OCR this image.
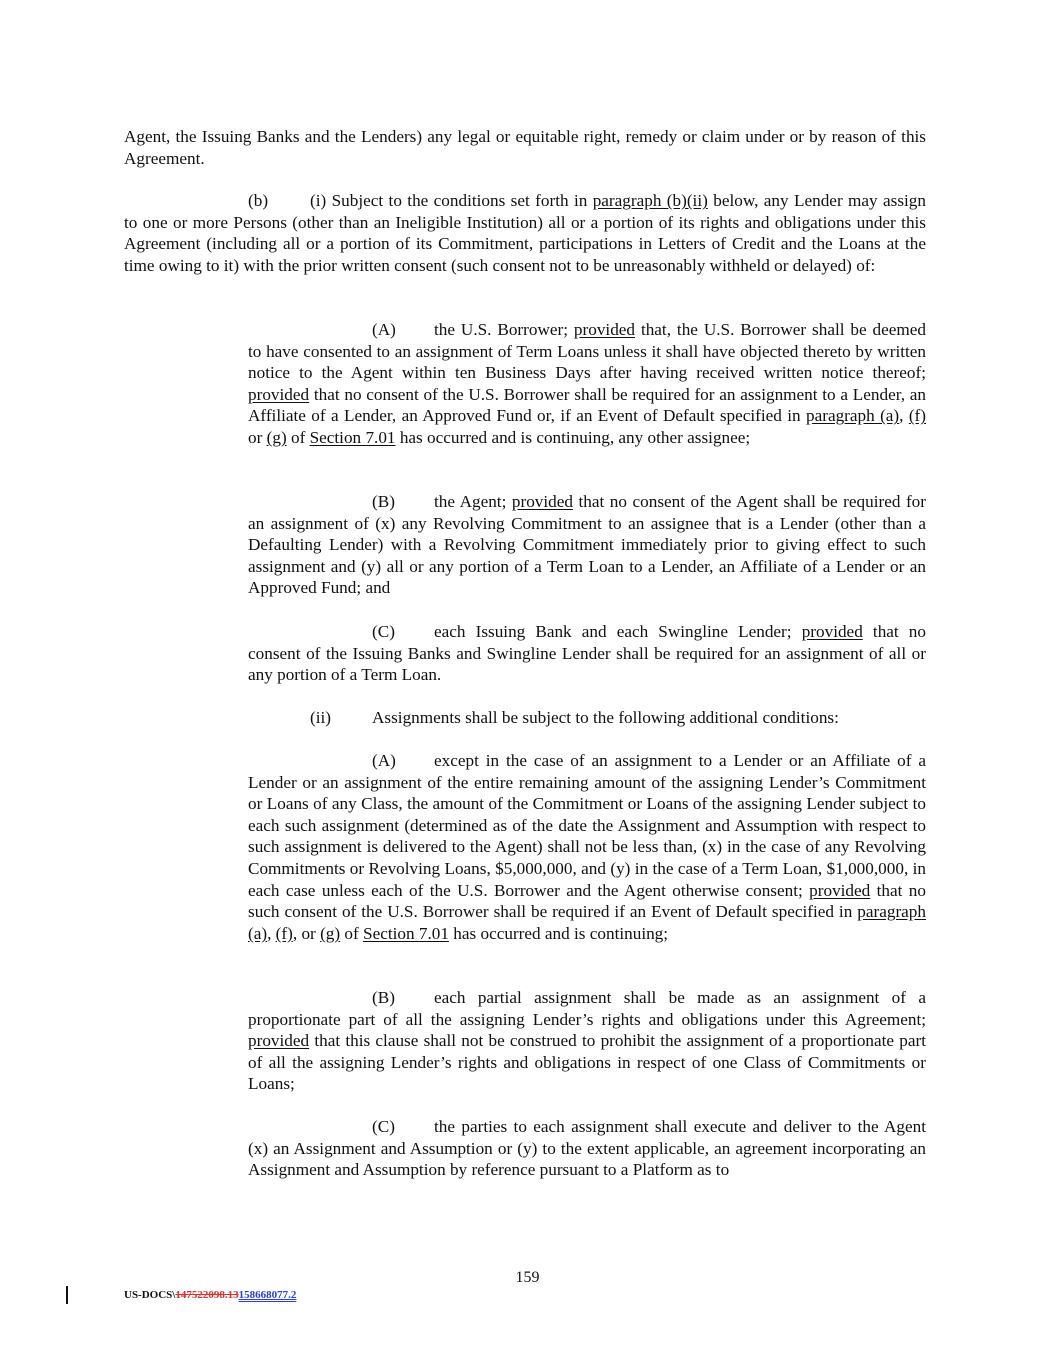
Agent, the Issuing Banks and the Lenders) any legal or equitable right, remedy or claim under or by reason of this Agreement.

(b) (i) Subject to the conditions set forth in paragraph (b)(ii) below, any Lender may assign to one or more Persons (other than an Ineligible Institution) all or a portion of its rights and obligations under this Agreement (including all or a portion of its Commitment, participations in Letters of Credit and the Loans at the time owing to it) with the prior written consent (such consent not to be unreasonably withheld or delayed) of:

(A) the U.S. Borrower; provided that, the U.S. Borrower shall be deemed to have consented to an assignment of Term Loans unless it shall have objected thereto by written notice to the Agent within ten Business Days after having received written notice thereof; provided that no consent of the U.S. Borrower shall be required for an assignment to a Lender, an Affiliate of a Lender, an Approved Fund or, if an Event of Default specified in paragraph (a), (f) or (g) of Section 7.01 has occurred and is continuing, any other assignee;

(B) the Agent; provided that no consent of the Agent shall be required for an assignment of (x) any Revolving Commitment to an assignee that is a Lender (other than a Defaulting Lender) with a Revolving Commitment immediately prior to giving effect to such assignment and (y) all or any portion of a Term Loan to a Lender, an Affiliate of a Lender or an Approved Fund; and

(C) each Issuing Bank and each Swingline Lender; provided that no consent of the Issuing Banks and Swingline Lender shall be required for an assignment of all or any portion of a Term Loan.

(ii) Assignments shall be subject to the following additional conditions:

(A) except in the case of an assignment to a Lender or an Affiliate of a Lender or an assignment of the entire remaining amount of the assigning Lender’s Commitment or Loans of any Class, the amount of the Commitment or Loans of the assigning Lender subject to each such assignment (determined as of the date the Assignment and Assumption with respect to such assignment is delivered to the Agent) shall not be less than, (x) in the case of any Revolving Commitments or Revolving Loans, $5,000,000, and (y) in the case of a Term Loan, $1,000,000, in each case unless each of the U.S. Borrower and the Agent otherwise consent; provided that no such consent of the U.S. Borrower shall be required if an Event of Default specified in paragraph (a), (f), or (g) of Section 7.01 has occurred and is continuing;

(B) each partial assignment shall be made as an assignment of a proportionate part of all the assigning Lender’s rights and obligations under this Agreement; provided that this clause shall not be construed to prohibit the assignment of a proportionate part of all the assigning Lender’s rights and obligations in respect of one Class of Commitments or Loans;

(C) the parties to each assignment shall execute and deliver to the Agent (x) an Assignment and Assumption or (y) to the extent applicable, an agreement incorporating an Assignment and Assumption by reference pursuant to a Platform as to

159
US-DOCS\147522098.13158668077.2
